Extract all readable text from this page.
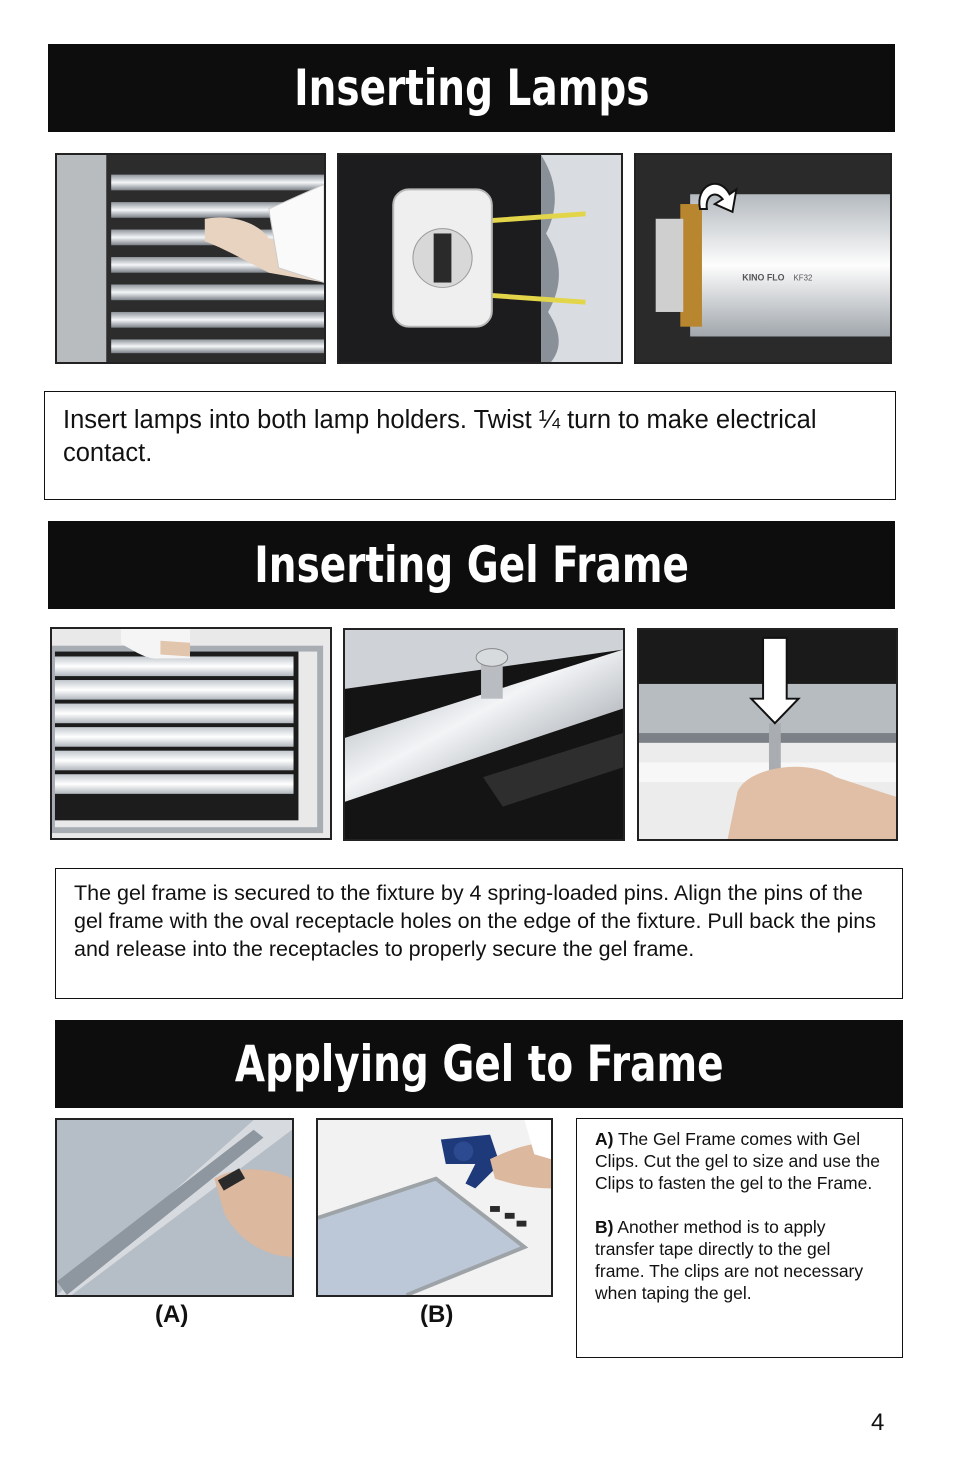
Inserting Lamps
KINO FLO KF32
Insert lamps into both lamp holders. Twist ¼ turn to make electrical contact.
Inserting Gel Frame
The gel frame is secured to the fixture by 4 spring-loaded pins. Align the pins of the gel frame with the oval receptacle holes on the edge of the fixture. Pull back the pins and release into the receptacles to properly secure the gel frame.
Applying Gel to Frame
(A)	(B)
A) The Gel Frame comes with Gel Clips. Cut the gel to size and use the Clips to fasten the gel to the Frame.
B) Another method is to apply transfer tape directly to the gel frame. The clips are not necessary when taping the gel.
4
